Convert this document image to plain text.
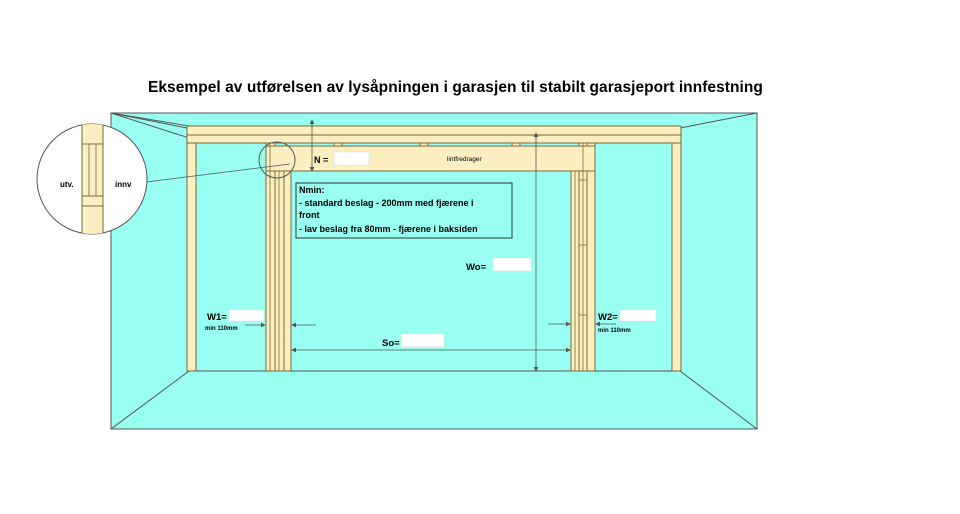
Eksempel av utførelsen av lysåpningen i garasjen til stabilt garasjeport innfestning
utv.	innv
N =	lintfredrager
Wo=
So=
W1=
min 110mm
W2=
min 110mm
Nmin:
- standard beslag - 200mm med fjærene i
front
- lav beslag fra 80mm - fjærene i baksiden
